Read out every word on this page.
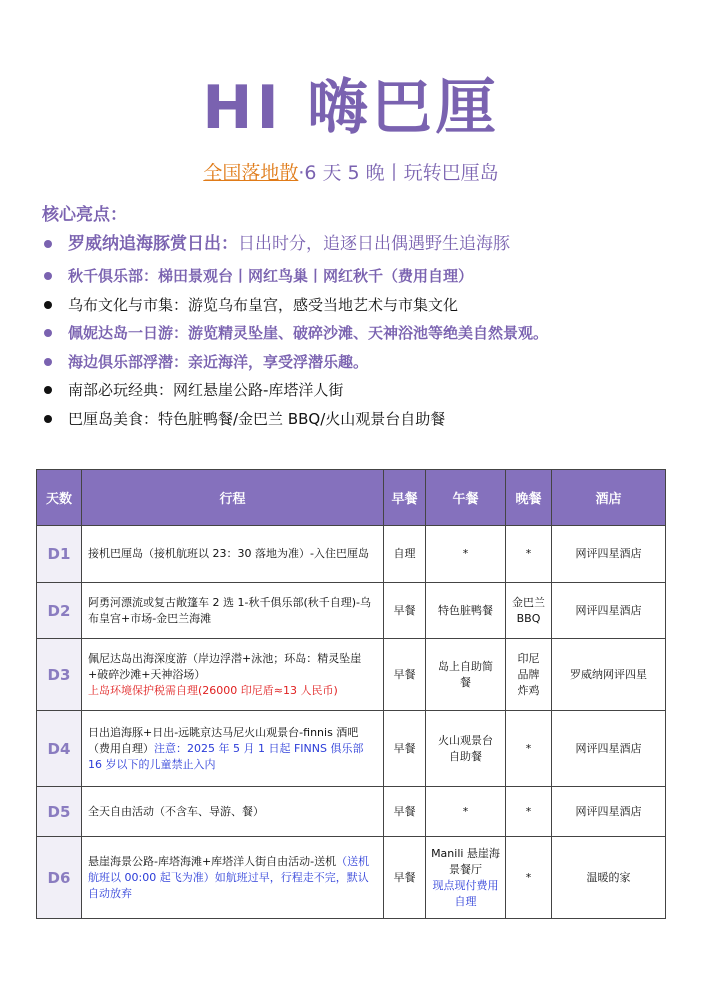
HI 嗨巴厘
全国落地散·6 天 5 晚丨玩转巴厘岛
核心亮点：
罗威纳追海豚赏日出：日出时分，追逐日出偶遇野生追海豚
秋千俱乐部：梯田景观台丨网红鸟巢丨网红秋千（费用自理）
乌布文化与市集：游览乌布皇宫，感受当地艺术与市集文化
佩妮达岛一日游：游览精灵坠崖、破碎沙滩、天神浴池等绝美自然景观。
海边俱乐部浮潜：亲近海洋，享受浮潜乐趣。
南部必玩经典：网红悬崖公路-库塔洋人街
巴厘岛美食：特色脏鸭餐/金巴兰 BBQ/火山观景台自助餐
天数	行程	早餐	午餐	晚餐	酒店
D1	接机巴厘岛（接机航班以 23：30 落地为准）-入住巴厘岛	自理	*	*	网评四星酒店
D2	阿勇河漂流或复古敞篷车 2 选 1-秋千俱乐部(秋千自理)-乌布皇宫+市场-金巴兰海滩	早餐	特色脏鸭餐	金巴兰BBQ	网评四星酒店
D3	佩尼达岛出海深度游（岸边浮潜+泳池；环岛：精灵坠崖+破碎沙滩+天神浴场）
上岛环境保护税需自理(26000 印尼盾≈13 人民币)	早餐	岛上自助简餐	印尼品牌炸鸡	罗威纳网评四星
D4	日出追海豚+日出-远眺京达马尼火山观景台-finnis 酒吧（费用自理）注意：2025 年 5 月 1 日起 FINNS 俱乐部 16 岁以下的儿童禁止入内	早餐	火山观景台自助餐	*	网评四星酒店
D5	全天自由活动（不含车、导游、餐）	早餐	*	*	网评四星酒店
D6	悬崖海景公路-库塔海滩+库塔洋人街自由活动-送机（送机航班以 00:00 起飞为准）如航班过早，行程走不完，默认自动放弃	早餐	Manili 悬崖海景餐厅
现点现付费用自理	*	温暖的家
